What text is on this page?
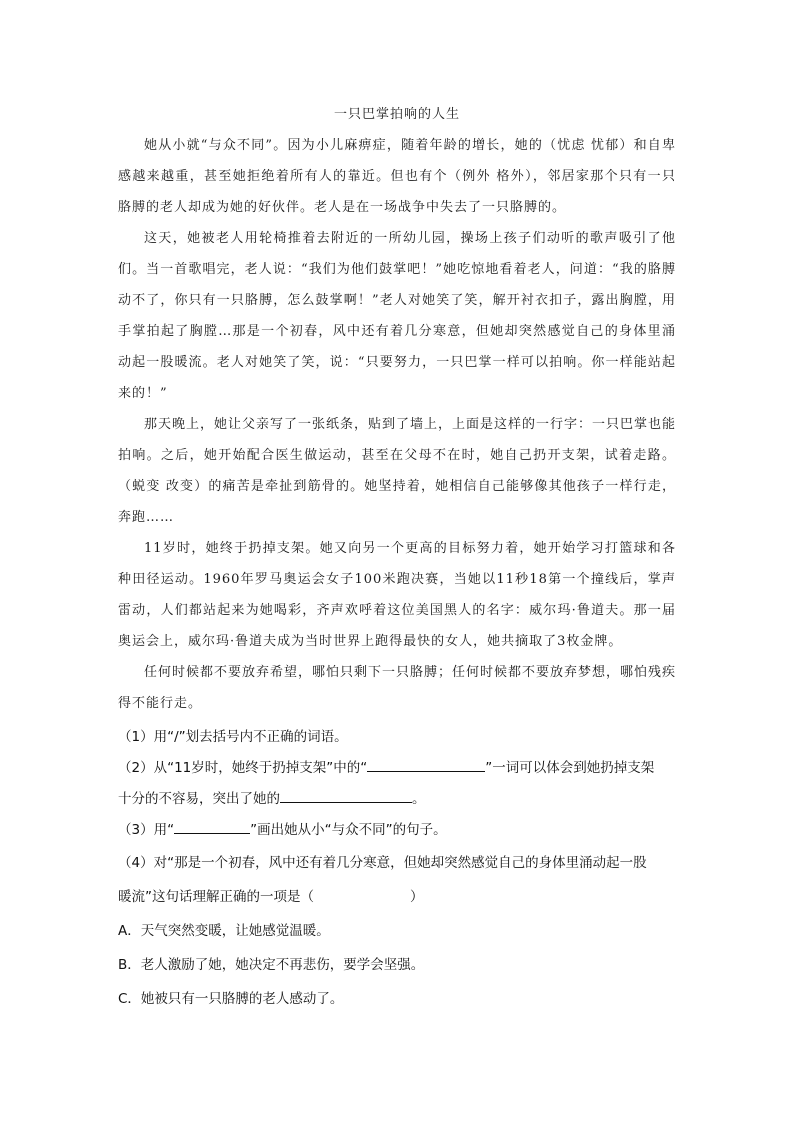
一只巴掌拍响的人生

她从小就“与众不同”。因为小儿麻痹症，随着年龄的增长，她的（忧虑 忧郁）和自卑感越来越重，甚至她拒绝着所有人的靠近。但也有个（例外 格外），邻居家那个只有一只胳膊的老人却成为她的好伙伴。老人是在一场战争中失去了一只胳膊的。

这天，她被老人用轮椅推着去附近的一所幼儿园，操场上孩子们动听的歌声吸引了他们。当一首歌唱完，老人说：“我们为他们鼓掌吧！”她吃惊地看着老人，问道：“我的胳膊动不了，你只有一只胳膊，怎么鼓掌啊！”老人对她笑了笑，解开衬衣扣子，露出胸膛，用手掌拍起了胸膛…那是一个初春，风中还有着几分寒意，但她却突然感觉自己的身体里涌动起一股暖流。老人对她笑了笑，说：“只要努力，一只巴掌一样可以拍响。你一样能站起来的！”

那天晚上，她让父亲写了一张纸条，贴到了墙上，上面是这样的一行字：一只巴掌也能拍响。之后，她开始配合医生做运动，甚至在父母不在时，她自己扔开支架，试着走路。（蜕变 改变）的痛苦是牵扯到筋骨的。她坚持着，她相信自己能够像其他孩子一样行走，奔跑……

11岁时，她终于扔掉支架。她又向另一个更高的目标努力着，她开始学习打篮球和各种田径运动。1960年罗马奥运会女子100米跑决赛，当她以11秒18第一个撞线后，掌声雷动，人们都站起来为她喝彩，齐声欢呼着这位美国黑人的名字：威尔玛·鲁道夫。那一届奥运会上，威尔玛·鲁道夫成为当时世界上跑得最快的女人，她共摘取了3枚金牌。

任何时候都不要放弃希望，哪怕只剩下一只胳膊；任何时候都不要放弃梦想，哪怕残疾得不能行走。

（1）用“/”划去括号内不正确的词语。

（2）从“11岁时，她终于扔掉支架”中的“	”一词可以体会到她扔掉支架
十分的不容易，突出了她的	。

（3）用“	”画出她从小“与众不同”的句子。

（4）对“那是一个初春，风中还有着几分寒意，但她却突然感觉自己的身体里涌动起一股
暖流”这句话理解正确的一项是（	）

A．天气突然变暖，让她感觉温暖。

B．老人激励了她，她决定不再悲伤，要学会坚强。

C．她被只有一只胳膊的老人感动了。
